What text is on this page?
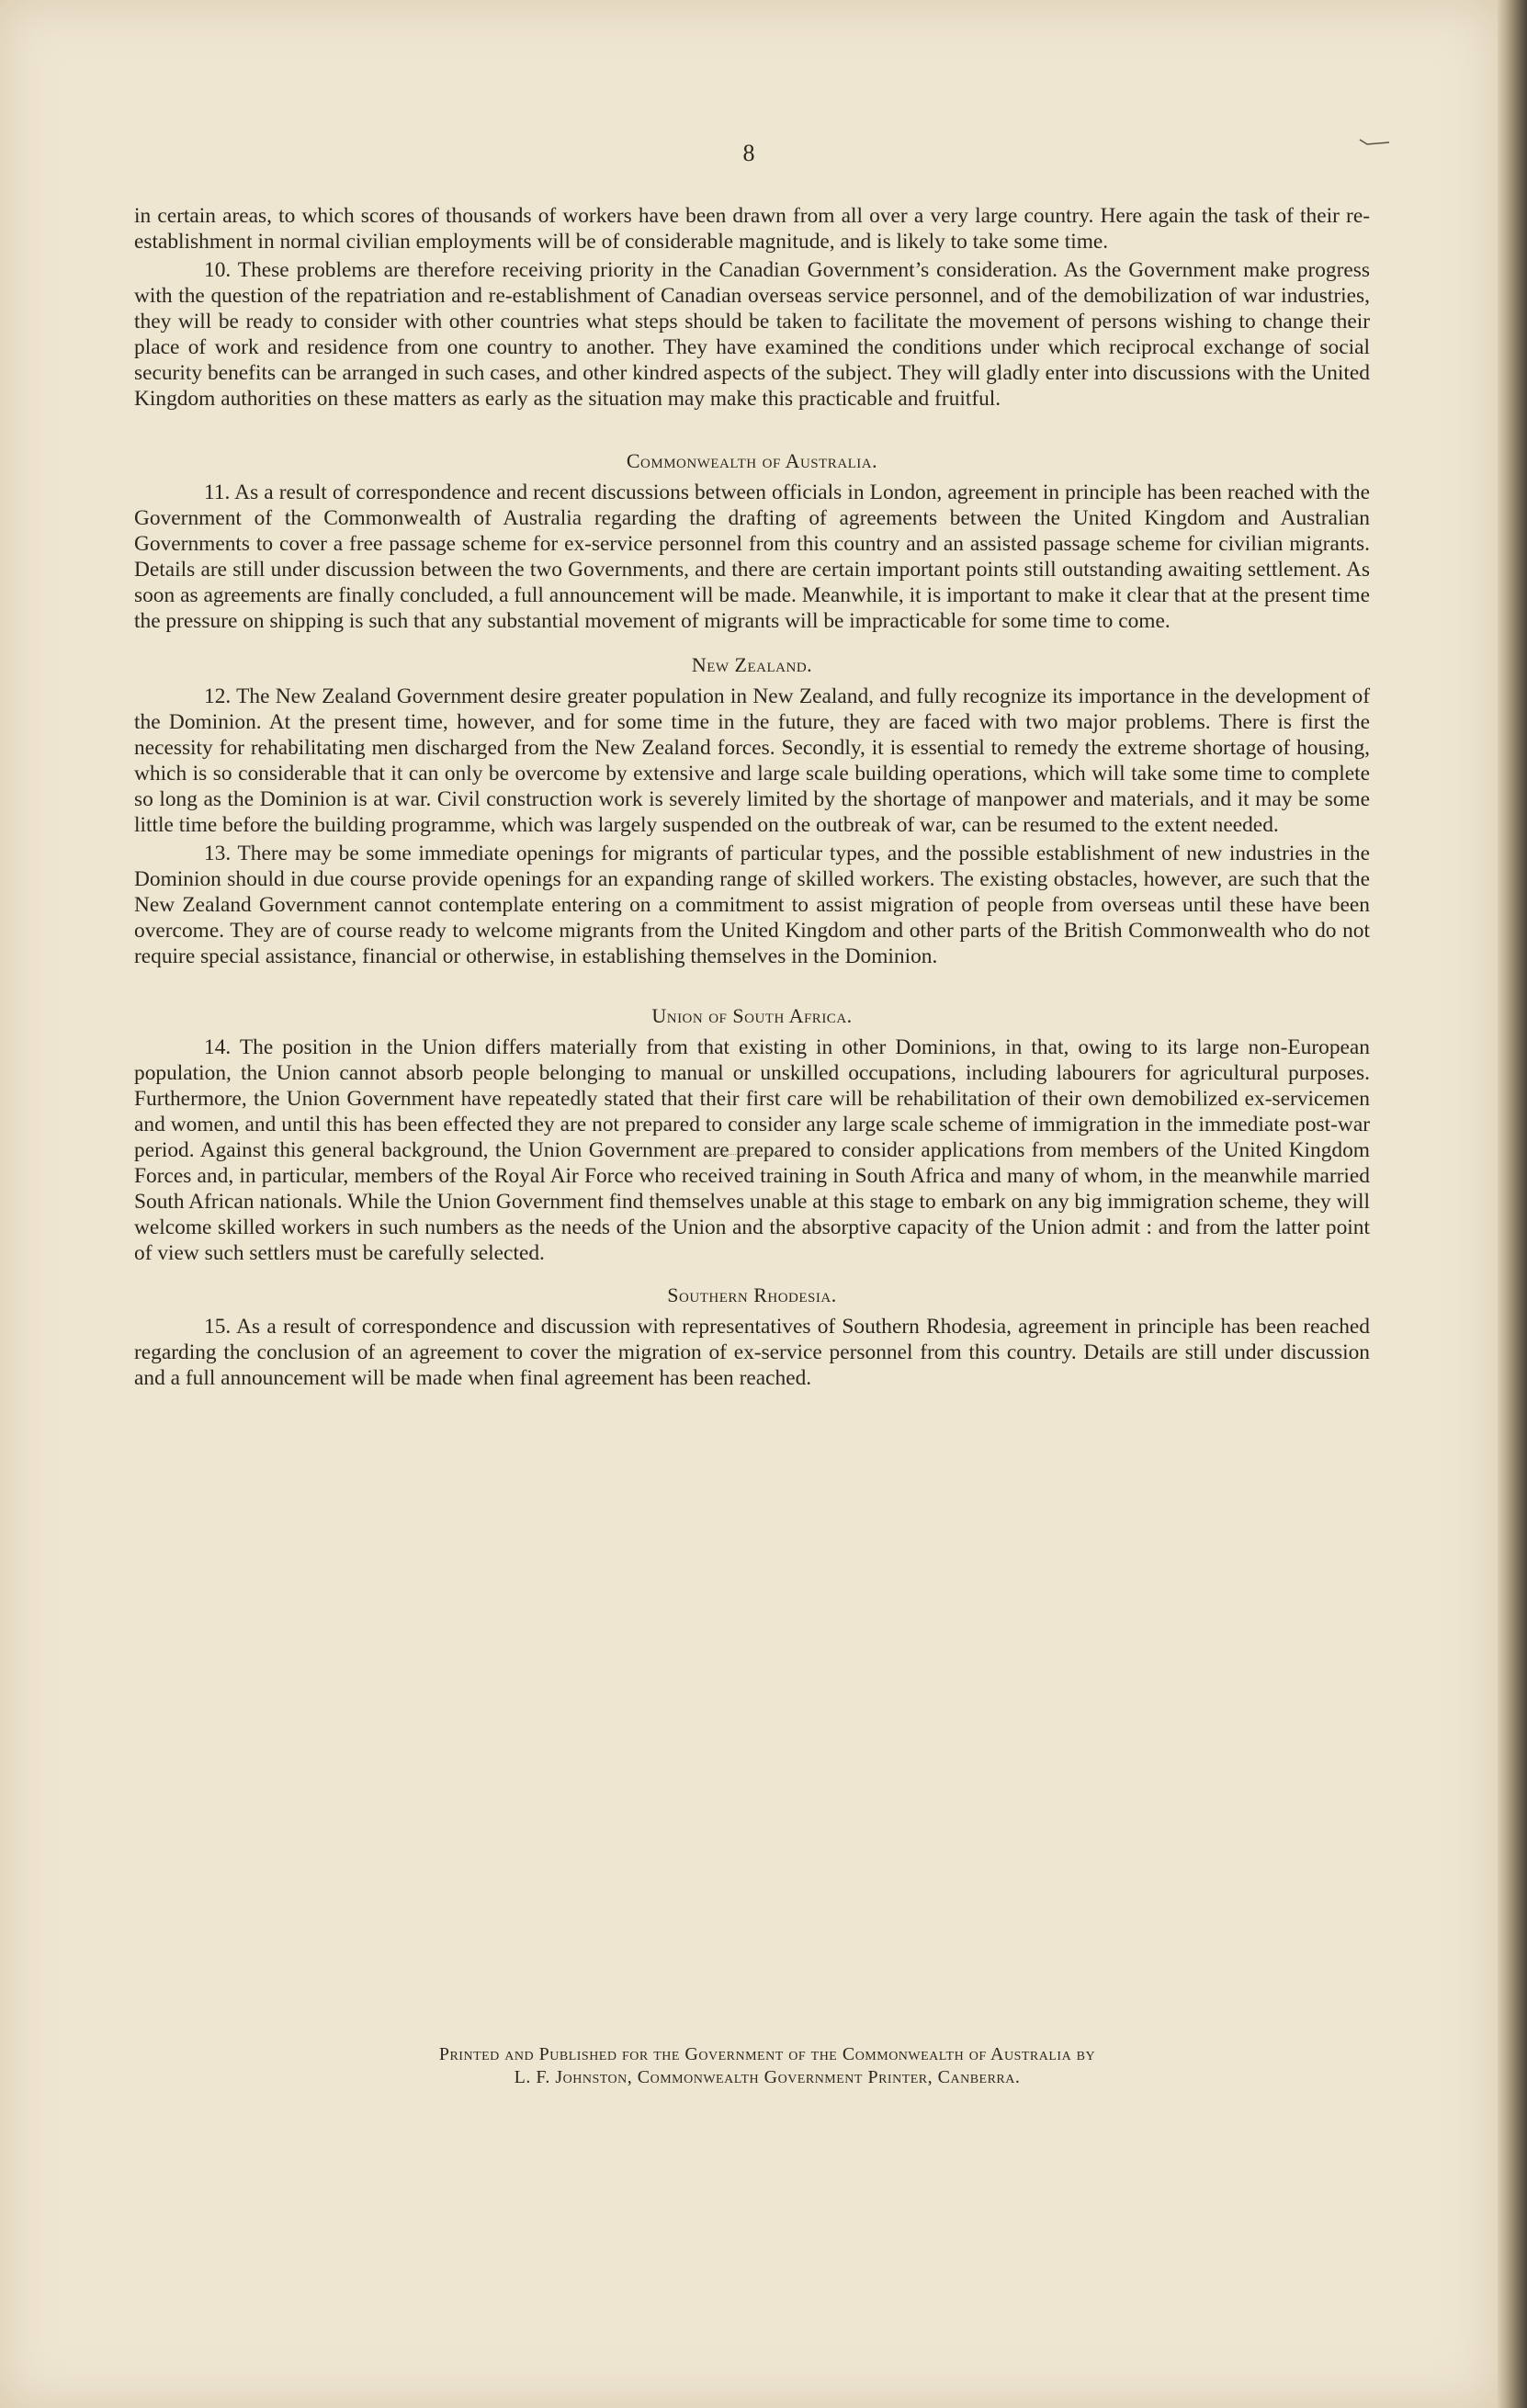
8

in certain areas, to which scores of thousands of workers have been drawn from all over a very large country. Here again the task of their re-establishment in normal civilian employments will be of considerable magnitude, and is likely to take some time.

10. These problems are therefore receiving priority in the Canadian Government’s consideration. As the Government make progress with the question of the repatriation and re-establishment of Canadian overseas service personnel, and of the demobilization of war industries, they will be ready to consider with other countries what steps should be taken to facilitate the movement of persons wishing to change their place of work and residence from one country to another. They have examined the conditions under which reciprocal exchange of social security benefits can be arranged in such cases, and other kindred aspects of the subject. They will gladly enter into discussions with the United Kingdom authorities on these matters as early as the situation may make this practicable and fruitful.

Commonwealth of Australia.

11. As a result of correspondence and recent discussions between officials in London, agreement in principle has been reached with the Government of the Commonwealth of Australia regarding the drafting of agreements between the United Kingdom and Australian Governments to cover a free passage scheme for ex-service personnel from this country and an assisted passage scheme for civilian migrants. Details are still under discussion between the two Governments, and there are certain important points still outstanding awaiting settlement. As soon as agreements are finally concluded, a full announcement will be made. Meanwhile, it is important to make it clear that at the present time the pressure on shipping is such that any substantial movement of migrants will be impracticable for some time to come.

New Zealand.

12. The New Zealand Government desire greater population in New Zealand, and fully recognize its importance in the development of the Dominion. At the present time, however, and for some time in the future, they are faced with two major problems. There is first the necessity for rehabilitating men discharged from the New Zealand forces. Secondly, it is essential to remedy the extreme shortage of housing, which is so considerable that it can only be overcome by extensive and large scale building operations, which will take some time to complete so long as the Dominion is at war. Civil construction work is severely limited by the shortage of manpower and materials, and it may be some little time before the building programme, which was largely suspended on the outbreak of war, can be resumed to the extent needed.

13. There may be some immediate openings for migrants of particular types, and the possible establishment of new industries in the Dominion should in due course provide openings for an expanding range of skilled workers. The existing obstacles, however, are such that the New Zealand Government cannot contemplate entering on a commitment to assist migration of people from overseas until these have been overcome. They are of course ready to welcome migrants from the United Kingdom and other parts of the British Commonwealth who do not require special assistance, financial or otherwise, in establishing themselves in the Dominion.

Union of South Africa.

14. The position in the Union differs materially from that existing in other Dominions, in that, owing to its large non-European population, the Union cannot absorb people belonging to manual or unskilled occupations, including labourers for agricultural purposes. Furthermore, the Union Government have repeatedly stated that their first care will be rehabilitation of their own demobilized ex-servicemen and women, and until this has been effected they are not prepared to consider any large scale scheme of immigration in the immediate post-war period. Against this general background, the Union Government are prepared to consider applications from members of the United Kingdom Forces and, in particular, members of the Royal Air Force who received training in South Africa and many of whom, in the meanwhile married South African nationals. While the Union Government find themselves unable at this stage to embark on any big immigration scheme, they will welcome skilled workers in such numbers as the needs of the Union and the absorptive capacity of the Union admit : and from the latter point of view such settlers must be carefully selected.

Southern Rhodesia.

15. As a result of correspondence and discussion with representatives of Southern Rhodesia, agreement in principle has been reached regarding the conclusion of an agreement to cover the migration of ex-service personnel from this country. Details are still under discussion and a full announcement will be made when final agreement has been reached.

Printed and Published for the Government of the Commonwealth of Australia by
L. F. Johnston, Commonwealth Government Printer, Canberra.
